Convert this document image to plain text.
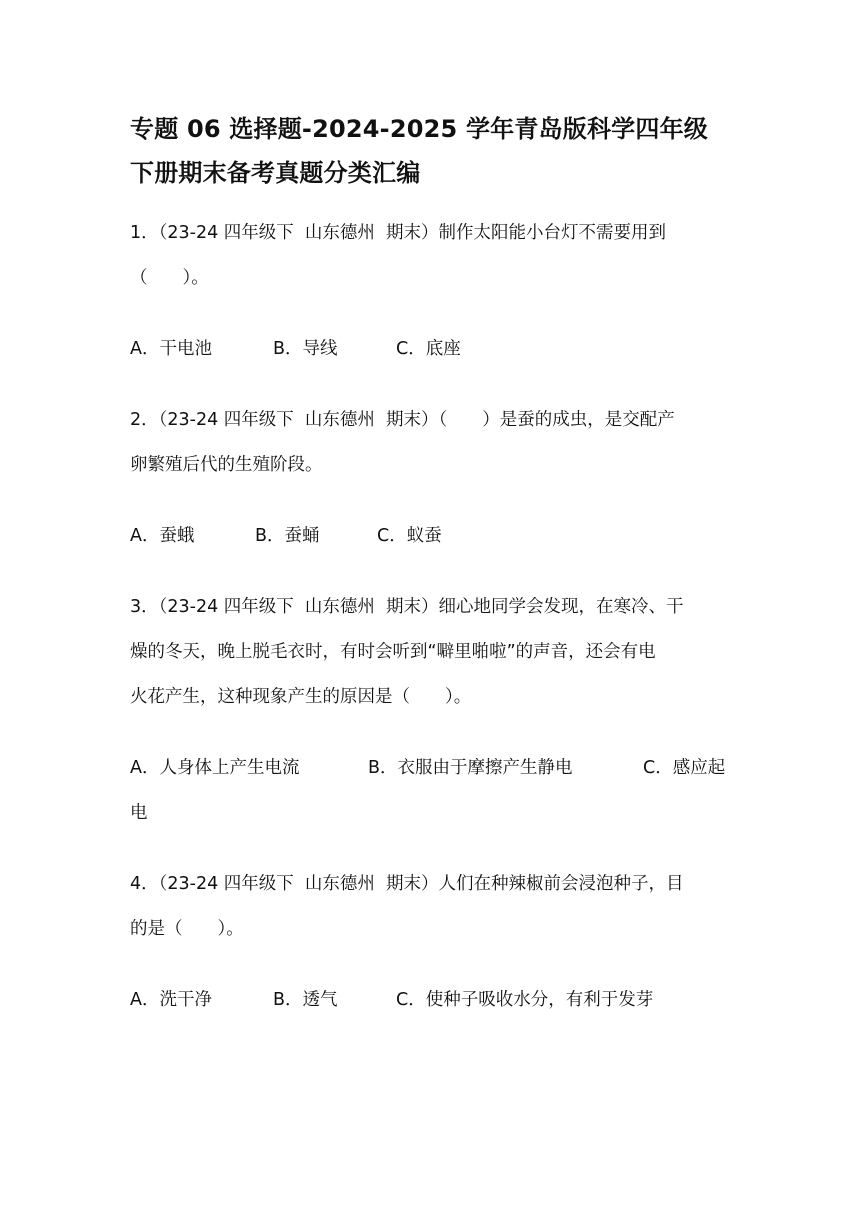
专题 06 选择题-2024-2025 学年青岛版科学四年级
下册期末备考真题分类汇编
1．（23-24 四年级下  山东德州  期末）制作太阳能小台灯不需要用到
（　　）。
A．干电池	B．导线	C．底座
2．（23-24 四年级下  山东德州  期末）（　　）是蚕的成虫，是交配产
卵繁殖后代的生殖阶段。
A．蚕蛾	B．蚕蛹	C．蚁蚕
3．（23-24 四年级下  山东德州  期末）细心地同学会发现，在寒冷、干
燥的冬天，晚上脱毛衣时，有时会听到“噼里啪啦”的声音，还会有电
火花产生，这种现象产生的原因是（　　）。
A．人身体上产生电流	B．衣服由于摩擦产生静电	C．感应起
电
4．（23-24 四年级下  山东德州  期末）人们在种辣椒前会浸泡种子，目
的是（　　）。
A．洗干净	B．透气	C．使种子吸收水分，有利于发芽
